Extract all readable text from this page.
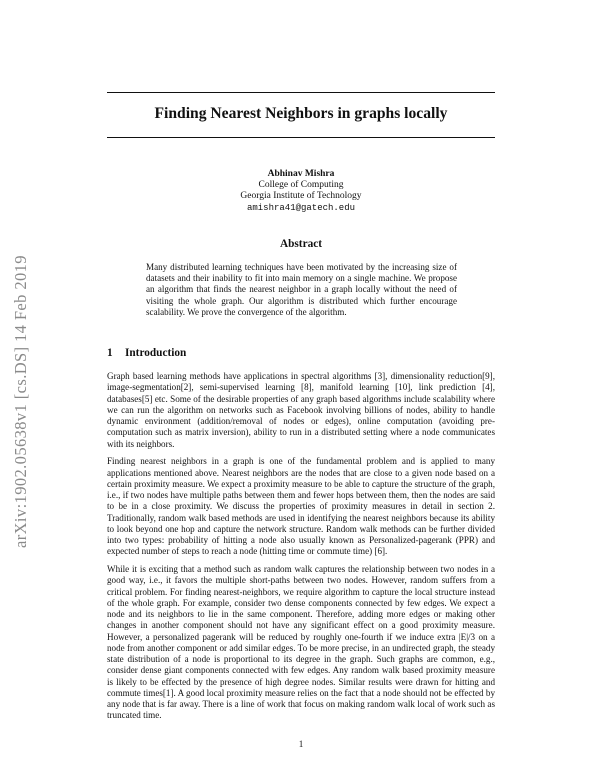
arXiv:1902.05638v1 [cs.DS] 14 Feb 2019
Finding Nearest Neighbors in graphs locally
Abhinav Mishra
College of Computing
Georgia Institute of Technology
amishra41@gatech.edu
Abstract

Many distributed learning techniques have been motivated by the increasing size of datasets and their inability to fit into main memory on a single machine. We propose an algorithm that finds the nearest neighbor in a graph locally without the need of visiting the whole graph. Our algorithm is distributed which further encourage scalability. We prove the convergence of the algorithm.

1 Introduction

Graph based learning methods have applications in spectral algorithms [3], dimensionality reduction[9], image-segmentation[2], semi-supervised learning [8], manifold learning [10], link prediction [4], databases[5] etc. Some of the desirable properties of any graph based algorithms include scalability where we can run the algorithm on networks such as Facebook involving billions of nodes, ability to handle dynamic environment (addition/removal of nodes or edges), online computation (avoiding pre-computation such as matrix inversion), ability to run in a distributed setting where a node communicates with its neighbors.

Finding nearest neighbors in a graph is one of the fundamental problem and is applied to many applications mentioned above. Nearest neighbors are the nodes that are close to a given node based on a certain proximity measure. We expect a proximity measure to be able to capture the structure of the graph, i.e., if two nodes have multiple paths between them and fewer hops between them, then the nodes are said to be in a close proximity. We discuss the properties of proximity measures in detail in section 2. Traditionally, random walk based methods are used in identifying the nearest neighbors because its ability to look beyond one hop and capture the network structure. Random walk methods can be further divided into two types: probability of hitting a node also usually known as Personalized-pagerank (PPR) and expected number of steps to reach a node (hitting time or commute time) [6].

While it is exciting that a method such as random walk captures the relationship between two nodes in a good way, i.e., it favors the multiple short-paths between two nodes. However, random suffers from a critical problem. For finding nearest-neighbors, we require algorithm to capture the local structure instead of the whole graph. For example, consider two dense components connected by few edges. We expect a node and its neighbors to lie in the same component. Therefore, adding more edges or making other changes in another component should not have any significant effect on a good proximity measure. However, a personalized pagerank will be reduced by roughly one-fourth if we induce extra |E|/3 on a node from another component or add similar edges. To be more precise, in an undirected graph, the steady state distribution of a node is proportional to its degree in the graph. Such graphs are common, e.g., consider dense giant components connected with few edges. Any random walk based proximity measure is likely to be effected by the presence of high degree nodes. Similar results were drawn for hitting and commute times[1]. A good local proximity measure relies on the fact that a node should not be effected by any node that is far away. There is a line of work that focus on making random walk local of work such as truncated time.

1
